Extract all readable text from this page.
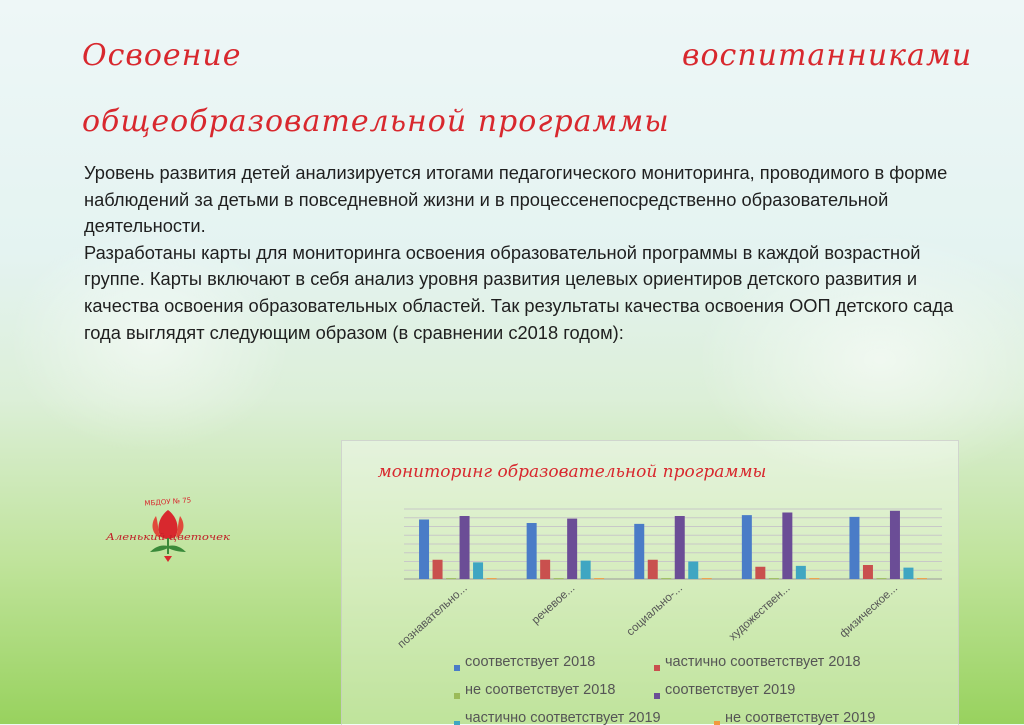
Освоение	воспитанниками
общеобразовательной программы

Уровень развития детей анализируется итогами педагогического мониторинга, проводимого в форме наблюдений за детьми в повседневной жизни и в процессенепосредственно образовательной деятельности.

Разработаны карты для мониторинга освоения образовательной программы в каждой возрастной группе. Карты включают в себя анализ уровня развития целевых ориентиров детского развития и качества освоения образовательных областей. Так результаты качества освоения ООП детского сада года выглядят следующим образом (в сравнении с2018 годом):

МБДОУ № 75
Аленький цветочек
мониторинг образовательной программы
познавательно...	речевое...	социально-...	художествен...	физическое...
соответствует 2018	частично соответствует 2018
не соответствует 2018	соответствует 2019
частично соответствует 2019	не соответствует 2019
